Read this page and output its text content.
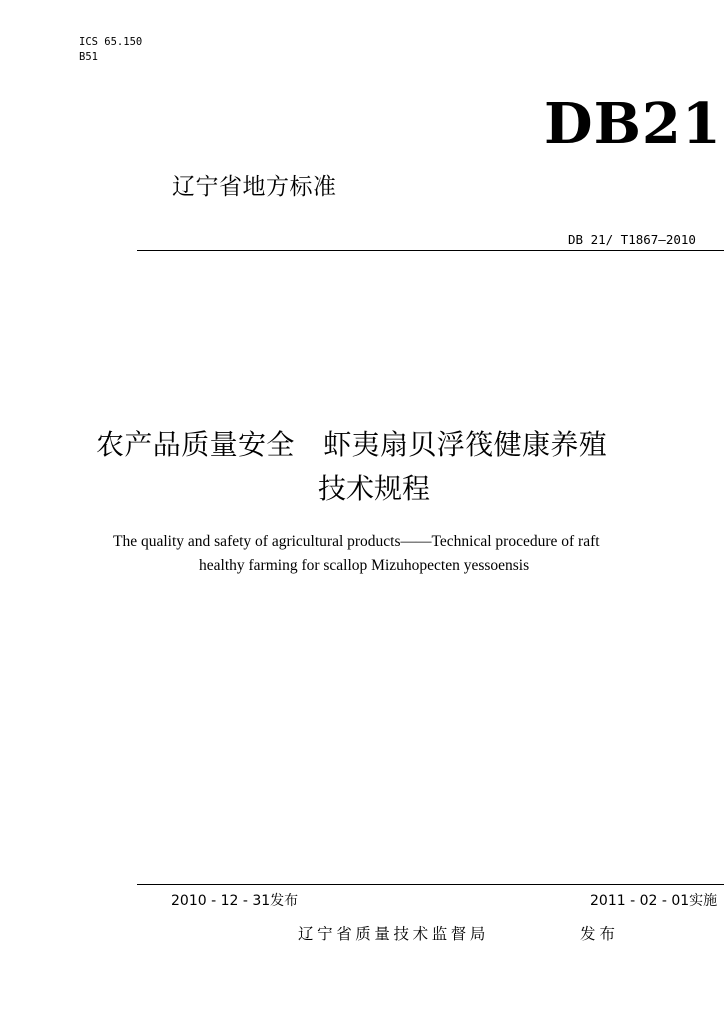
ICS 65.150
B51
DB21
辽宁省地方标准
DB 21/ T1867—2010
农产品质量安全　虾夷扇贝浮筏健康养殖
技术规程
The quality and safety of agricultural products——Technical procedure of raft
healthy farming for scallop Mizuhopecten yessoensis
2010 - 12 - 31发布	2011 - 02 - 01实施
辽宁省质量技术监督局	发布
